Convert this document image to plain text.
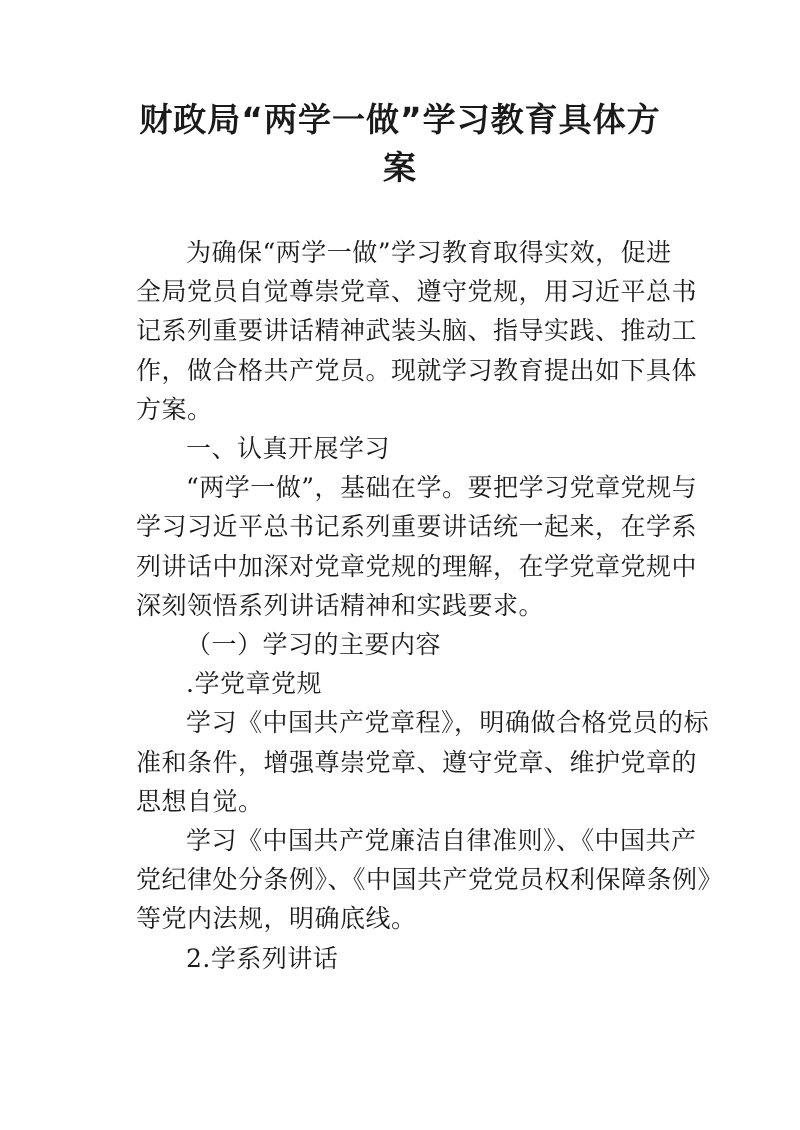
财政局“两学一做”学习教育具体方
案

为确保“两学一做”学习教育取得实效，促进
全局党员自觉尊崇党章、遵守党规，用习近平总书
记系列重要讲话精神武装头脑、指导实践、推动工
作，做合格共产党员。现就学习教育提出如下具体
方案。

一、认真开展学习

“两学一做”，基础在学。要把学习党章党规与
学习习近平总书记系列重要讲话统一起来，在学系
列讲话中加深对党章党规的理解，在学党章党规中
深刻领悟系列讲话精神和实践要求。

（一）学习的主要内容

.学党章党规

学习《中国共产党章程》，明确做合格党员的标
准和条件，增强尊崇党章、遵守党章、维护党章的
思想自觉。

学习《中国共产党廉洁自律准则》、《中国共产
党纪律处分条例》、《中国共产党党员权利保障条例》
等党内法规，明确底线。

2.学系列讲话
